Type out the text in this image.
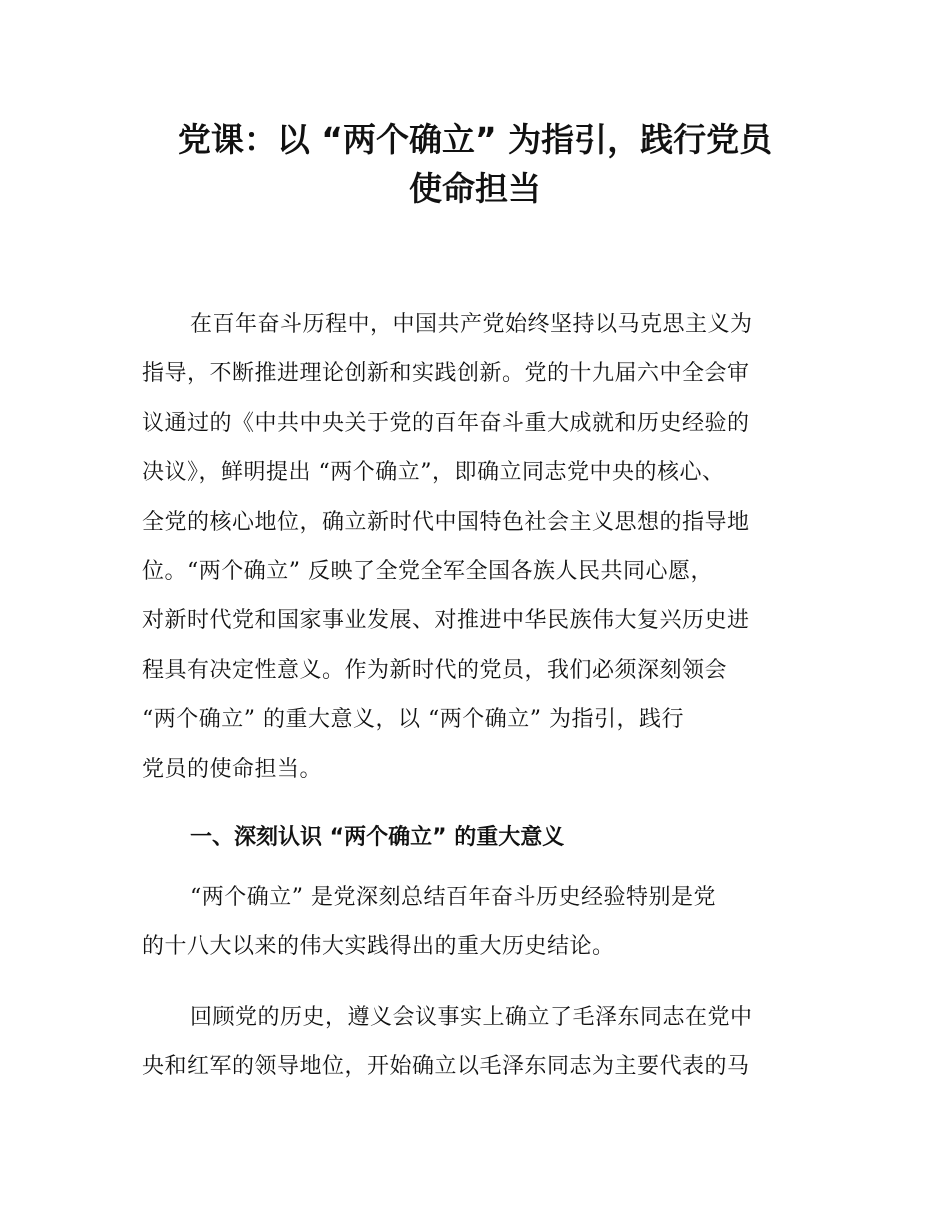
党课：以 “两个确立” 为指引，践行党员
使命担当
在百年奋斗历程中，中国共产党始终坚持以马克思主义为
指导，不断推进理论创新和实践创新。党的十九届六中全会审
议通过的《中共中央关于党的百年奋斗重大成就和历史经验的
决议》，鲜明提出 “两个确立”，即确立同志党中央的核心、
全党的核心地位，确立新时代中国特色社会主义思想的指导地
位。“两个确立” 反映了全党全军全国各族人民共同心愿，
对新时代党和国家事业发展、对推进中华民族伟大复兴历史进
程具有决定性意义。作为新时代的党员，我们必须深刻领会
“两个确立” 的重大意义，以 “两个确立” 为指引，践行
党员的使命担当。
一、深刻认识 “两个确立” 的重大意义
“两个确立” 是党深刻总结百年奋斗历史经验特别是党
的十八大以来的伟大实践得出的重大历史结论。
回顾党的历史，遵义会议事实上确立了毛泽东同志在党中
央和红军的领导地位，开始确立以毛泽东同志为主要代表的马
